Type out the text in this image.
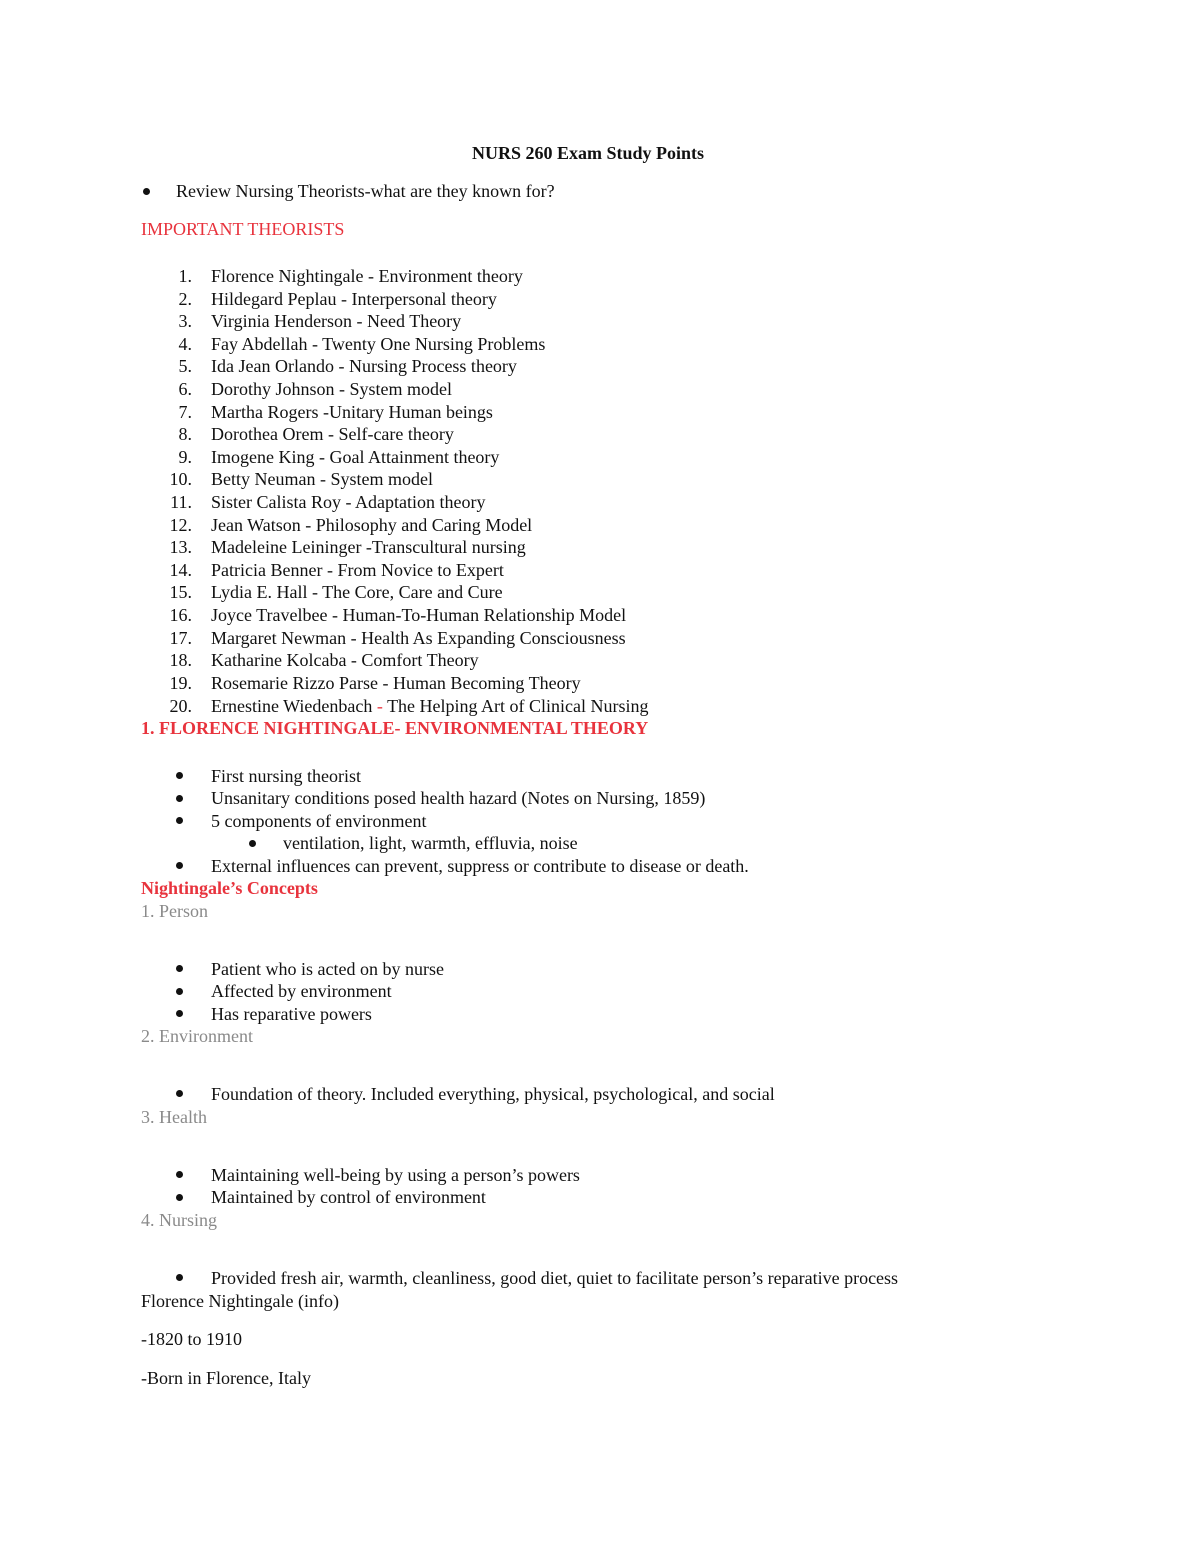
NURS 260 Exam Study Points
Review Nursing Theorists-what are they known for?
IMPORTANT THEORISTS
1. Florence Nightingale - Environment theory
2. Hildegard Peplau - Interpersonal theory
3. Virginia Henderson - Need Theory
4. Fay Abdellah - Twenty One Nursing Problems
5. Ida Jean Orlando - Nursing Process theory
6. Dorothy Johnson - System model
7. Martha Rogers -Unitary Human beings
8. Dorothea Orem - Self-care theory
9. Imogene King - Goal Attainment theory
10. Betty Neuman - System model
11. Sister Calista Roy - Adaptation theory
12. Jean Watson - Philosophy and Caring Model
13. Madeleine Leininger -Transcultural nursing
14. Patricia Benner - From Novice to Expert
15. Lydia E. Hall - The Core, Care and Cure
16. Joyce Travelbee - Human-To-Human Relationship Model
17. Margaret Newman - Health As Expanding Consciousness
18. Katharine Kolcaba - Comfort Theory
19. Rosemarie Rizzo Parse - Human Becoming Theory
20. Ernestine Wiedenbach - The Helping Art of Clinical Nursing
1. FLORENCE NIGHTINGALE- ENVIRONMENTAL THEORY
First nursing theorist
Unsanitary conditions posed health hazard (Notes on Nursing, 1859)
5 components of environment
ventilation, light, warmth, effluvia, noise
External influences can prevent, suppress or contribute to disease or death.
Nightingale’s Concepts
1. Person
Patient who is acted on by nurse
Affected by environment
Has reparative powers
2. Environment
Foundation of theory. Included everything, physical, psychological, and social
3. Health
Maintaining well-being by using a person’s powers
Maintained by control of environment
4. Nursing
Provided fresh air, warmth, cleanliness, good diet, quiet to facilitate person’s reparative process
Florence Nightingale (info)
-1820 to 1910
-Born in Florence, Italy
